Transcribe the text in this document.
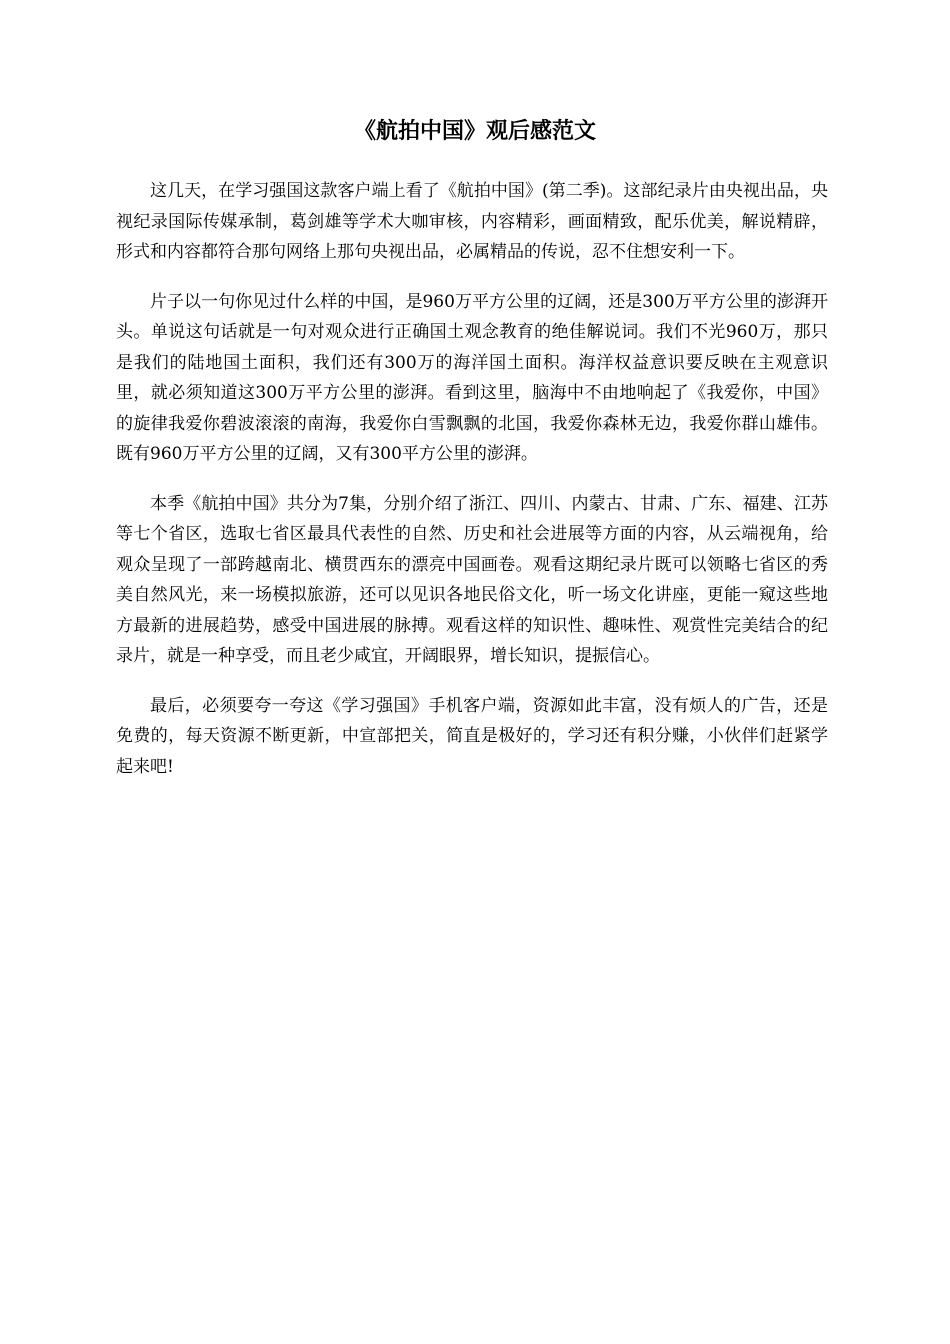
《航拍中国》观后感范文

这几天，在学习强国这款客户端上看了《航拍中国》(第二季)。这部纪录片由央视出品，央视纪录国际传媒承制，葛剑雄等学术大咖审核，内容精彩，画面精致，配乐优美，解说精辟，形式和内容都符合那句网络上那句央视出品，必属精品的传说，忍不住想安利一下。

片子以一句你见过什么样的中国，是960万平方公里的辽阔，还是300万平方公里的澎湃开头。单说这句话就是一句对观众进行正确国土观念教育的绝佳解说词。我们不光960万，那只是我们的陆地国土面积，我们还有300万的海洋国土面积。海洋权益意识要反映在主观意识里，就必须知道这300万平方公里的澎湃。看到这里，脑海中不由地响起了《我爱你，中国》的旋律我爱你碧波滚滚的南海，我爱你白雪飘飘的北国，我爱你森林无边，我爱你群山雄伟。既有960万平方公里的辽阔，又有300平方公里的澎湃。

本季《航拍中国》共分为7集，分别介绍了浙江、四川、内蒙古、甘肃、广东、福建、江苏等七个省区，选取七省区最具代表性的自然、历史和社会进展等方面的内容，从云端视角，给观众呈现了一部跨越南北、横贯西东的漂亮中国画卷。观看这期纪录片既可以领略七省区的秀美自然风光，来一场模拟旅游，还可以见识各地民俗文化，听一场文化讲座，更能一窥这些地方最新的进展趋势，感受中国进展的脉搏。观看这样的知识性、趣味性、观赏性完美结合的纪录片，就是一种享受，而且老少咸宜，开阔眼界，增长知识，提振信心。

最后，必须要夸一夸这《学习强国》手机客户端，资源如此丰富，没有烦人的广告，还是免费的，每天资源不断更新，中宣部把关，简直是极好的，学习还有积分赚，小伙伴们赶紧学起来吧!
